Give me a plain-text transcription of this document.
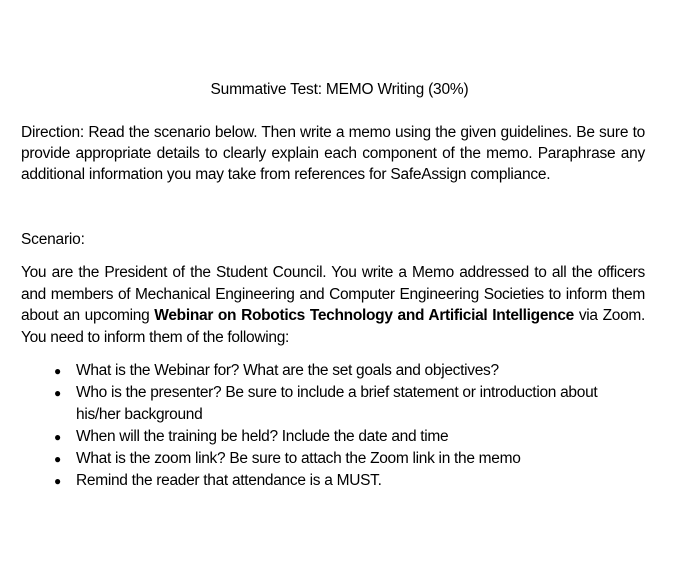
Summative Test: MEMO Writing (30%)

Direction: Read the scenario below. Then write a memo using the given guidelines. Be sure to provide appropriate details to clearly explain each component of the memo. Paraphrase any additional information you may take from references for SafeAssign compliance.

Scenario:

You are the President of the Student Council. You write a Memo addressed to all the officers and members of Mechanical Engineering and Computer Engineering Societies to inform them about an upcoming Webinar on Robotics Technology and Artificial Intelligence via Zoom. You need to inform them of the following:

● What is the Webinar for? What are the set goals and objectives?
● Who is the presenter? Be sure to include a brief statement or introduction about his/her background
● When will the training be held? Include the date and time
● What is the zoom link? Be sure to attach the Zoom link in the memo
● Remind the reader that attendance is a MUST.
